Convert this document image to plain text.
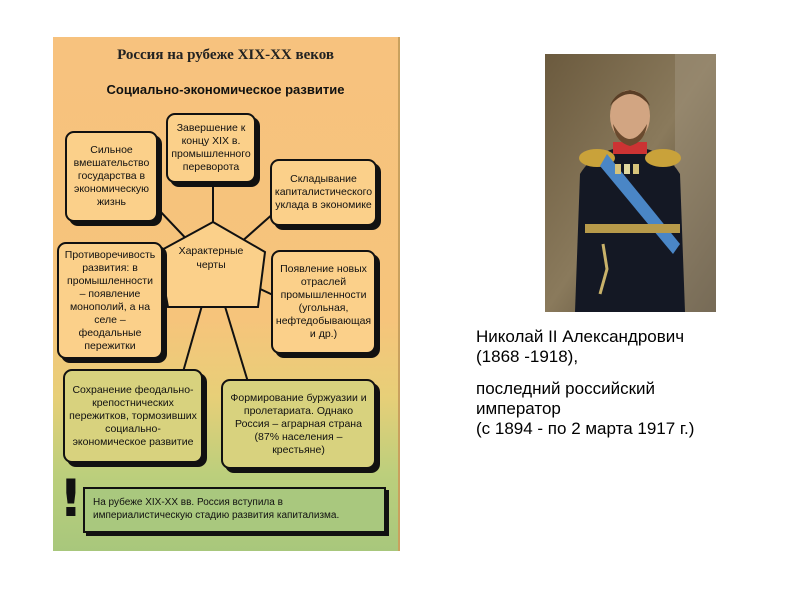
Россия на рубеже XIX-XX веков
Социально-экономическое развитие
Характерные черты
Сильное вмешательство государства в экономическую жизнь
Завершение к концу XIX в. промышленного переворота
Складывание капиталистического уклада в экономике
Противоречивость развития: в промышленности – появление монополий, а на селе – феодальные пережитки
Появление новых отраслей промышленности (угольная, нефтедобывающая и др.)
Сохранение феодально-крепостнических пережитков, тормозивших социально-экономическое развитие
Формирование буржуазии и пролетариата. Однако Россия – аграрная страна (87% населения – крестьяне)
!	На рубеже XIX-XX вв. Россия вступила в империалистическую стадию развития капитализма.

Николай II Александрович
(1868 -1918),

последний российский
император
(с 1894 - по 2 марта 1917 г.)
